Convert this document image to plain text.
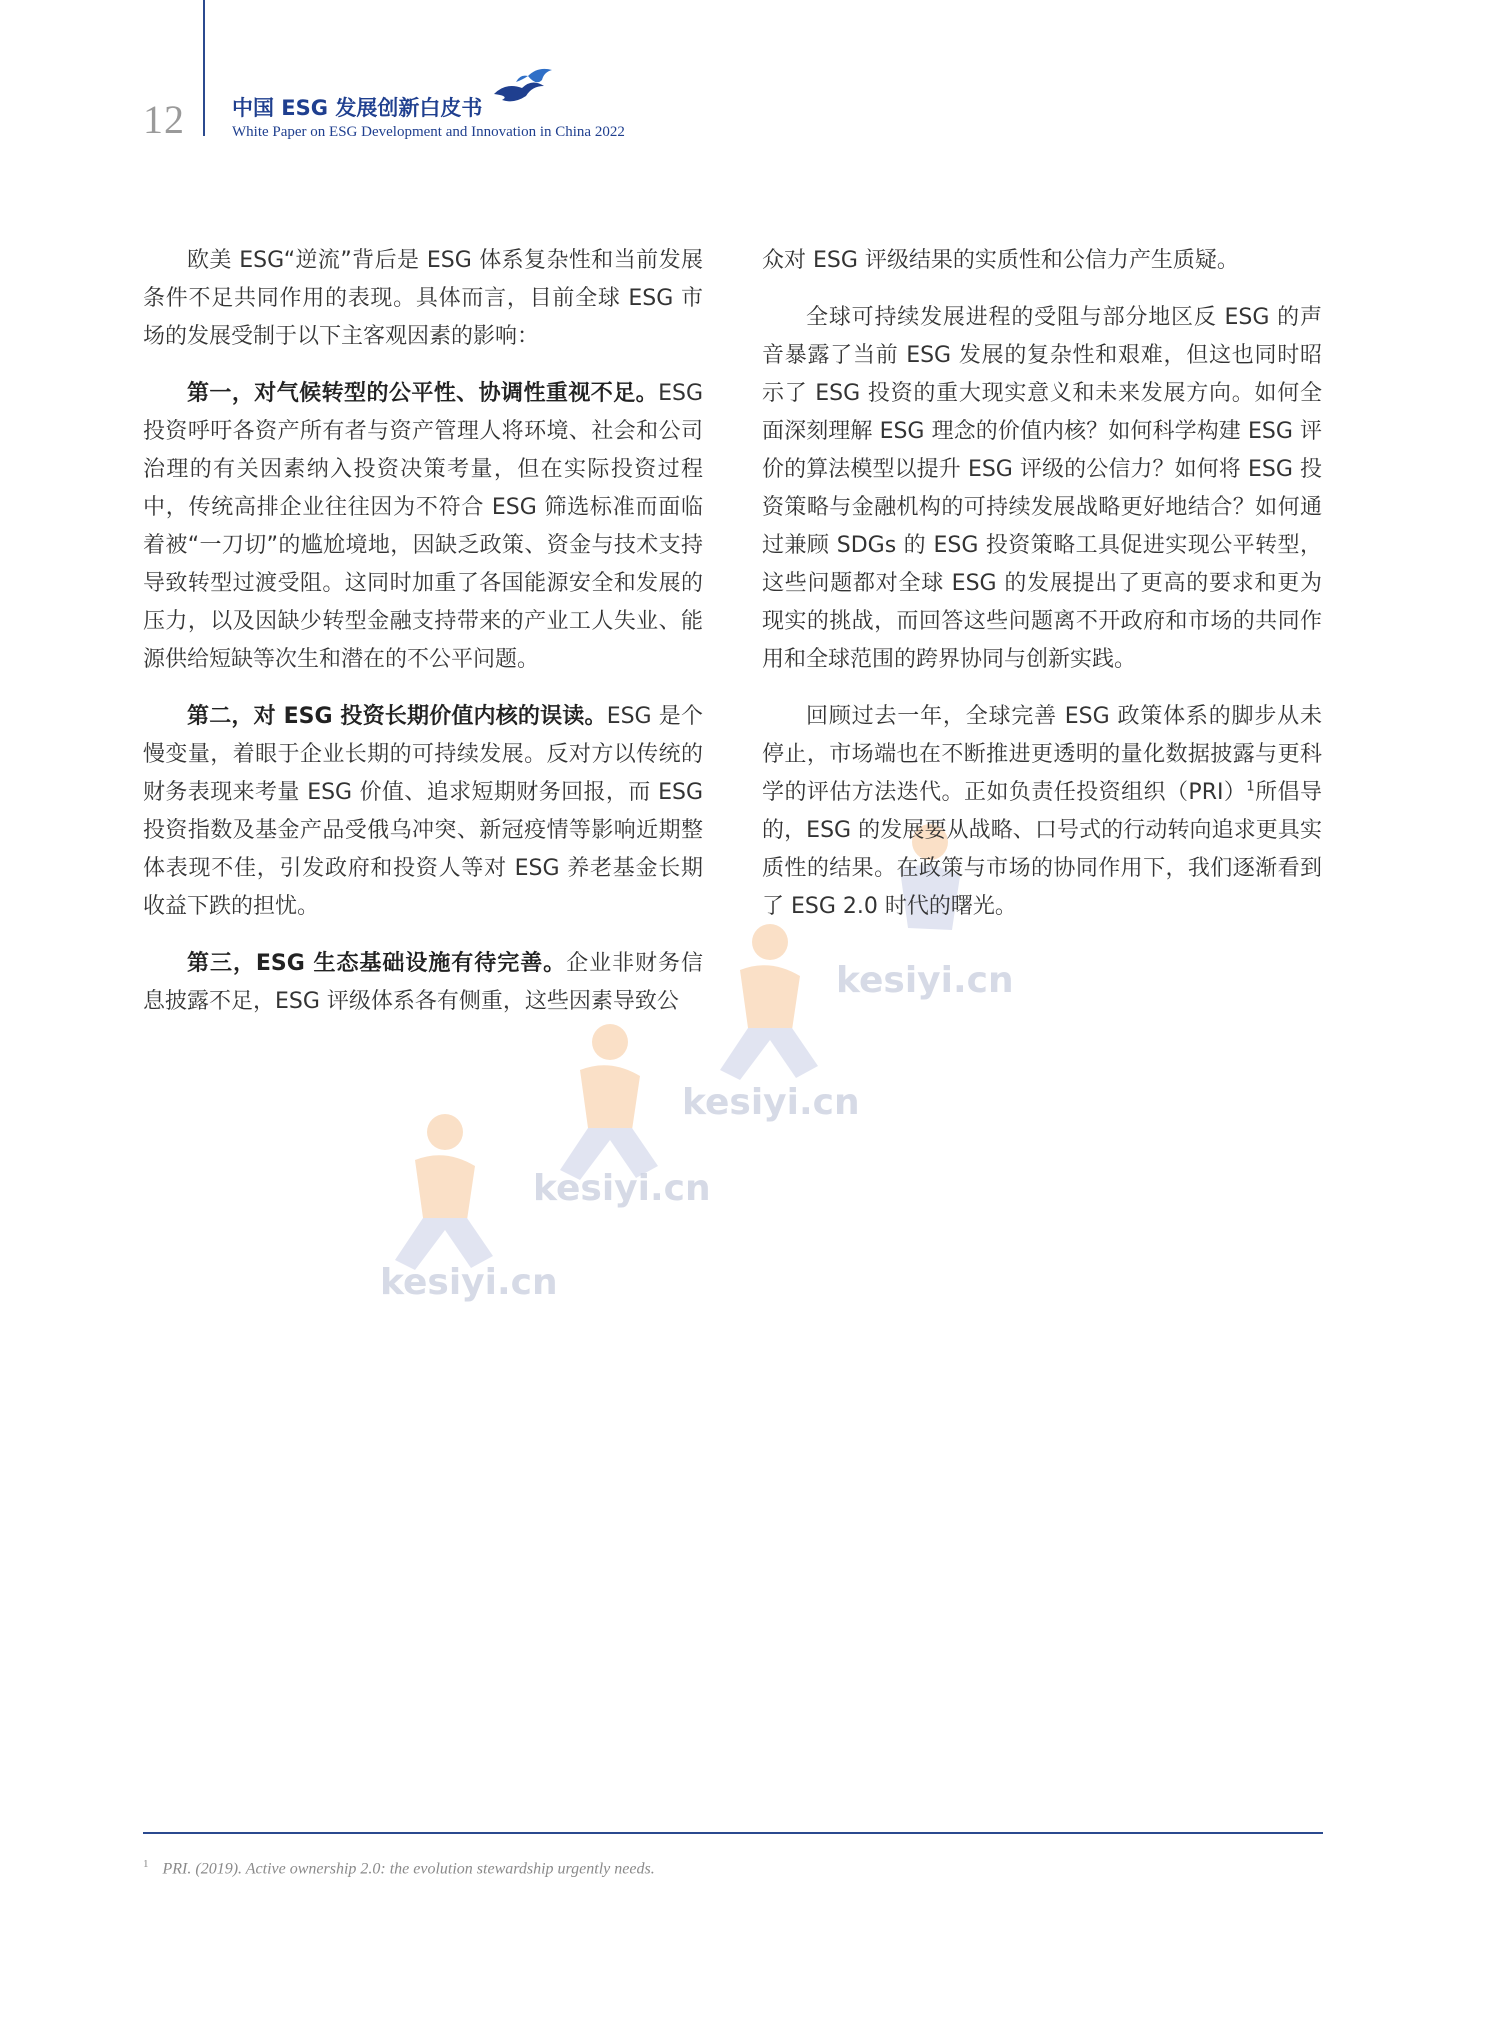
12 中国 ESG 发展创新白皮书
White Paper on ESG Development and Innovation in China 2022
kesiyi.cn
kesiyi.cn
kesiyi.cn
kesiyi.cn

欧美 ESG“逆流”背后是 ESG 体系复杂性和当前发展条件不足共同作用的表现。具体而言，目前全球 ESG 市场的发展受制于以下主客观因素的影响：

第一，对气候转型的公平性、协调性重视不足。ESG 投资呼吁各资产所有者与资产管理人将环境、社会和公司治理的有关因素纳入投资决策考量，但在实际投资过程中，传统高排企业往往因为不符合 ESG 筛选标准而面临着被“一刀切”的尴尬境地，因缺乏政策、资金与技术支持导致转型过渡受阻。这同时加重了各国能源安全和发展的压力，以及因缺少转型金融支持带来的产业工人失业、能源供给短缺等次生和潜在的不公平问题。

第二，对 ESG 投资长期价值内核的误读。ESG 是个慢变量，着眼于企业长期的可持续发展。反对方以传统的财务表现来考量 ESG 价值、追求短期财务回报，而 ESG 投资指数及基金产品受俄乌冲突、新冠疫情等影响近期整体表现不佳，引发政府和投资人等对 ESG 养老基金长期收益下跌的担忧。

第三，ESG 生态基础设施有待完善。企业非财务信息披露不足，ESG 评级体系各有侧重，这些因素导致公

众对 ESG 评级结果的实质性和公信力产生质疑。

全球可持续发展进程的受阻与部分地区反 ESG 的声音暴露了当前 ESG 发展的复杂性和艰难，但这也同时昭示了 ESG 投资的重大现实意义和未来发展方向。如何全面深刻理解 ESG 理念的价值内核？如何科学构建 ESG 评价的算法模型以提升 ESG 评级的公信力？如何将 ESG 投资策略与金融机构的可持续发展战略更好地结合？如何通过兼顾 SDGs 的 ESG 投资策略工具促进实现公平转型，这些问题都对全球 ESG 的发展提出了更高的要求和更为现实的挑战，而回答这些问题离不开政府和市场的共同作用和全球范围的跨界协同与创新实践。

回顾过去一年，全球完善 ESG 政策体系的脚步从未停止，市场端也在不断推进更透明的量化数据披露与更科学的评估方法迭代。正如负责任投资组织（PRI）$^1$所倡导的，ESG 的发展要从战略、口号式的行动转向追求更具实质性的结果。在政策与市场的协同作用下，我们逐渐看到了 ESG 2.0 时代的曙光。

$^1$ PRI. (2019). Active ownership 2.0: the evolution stewardship urgently needs.
